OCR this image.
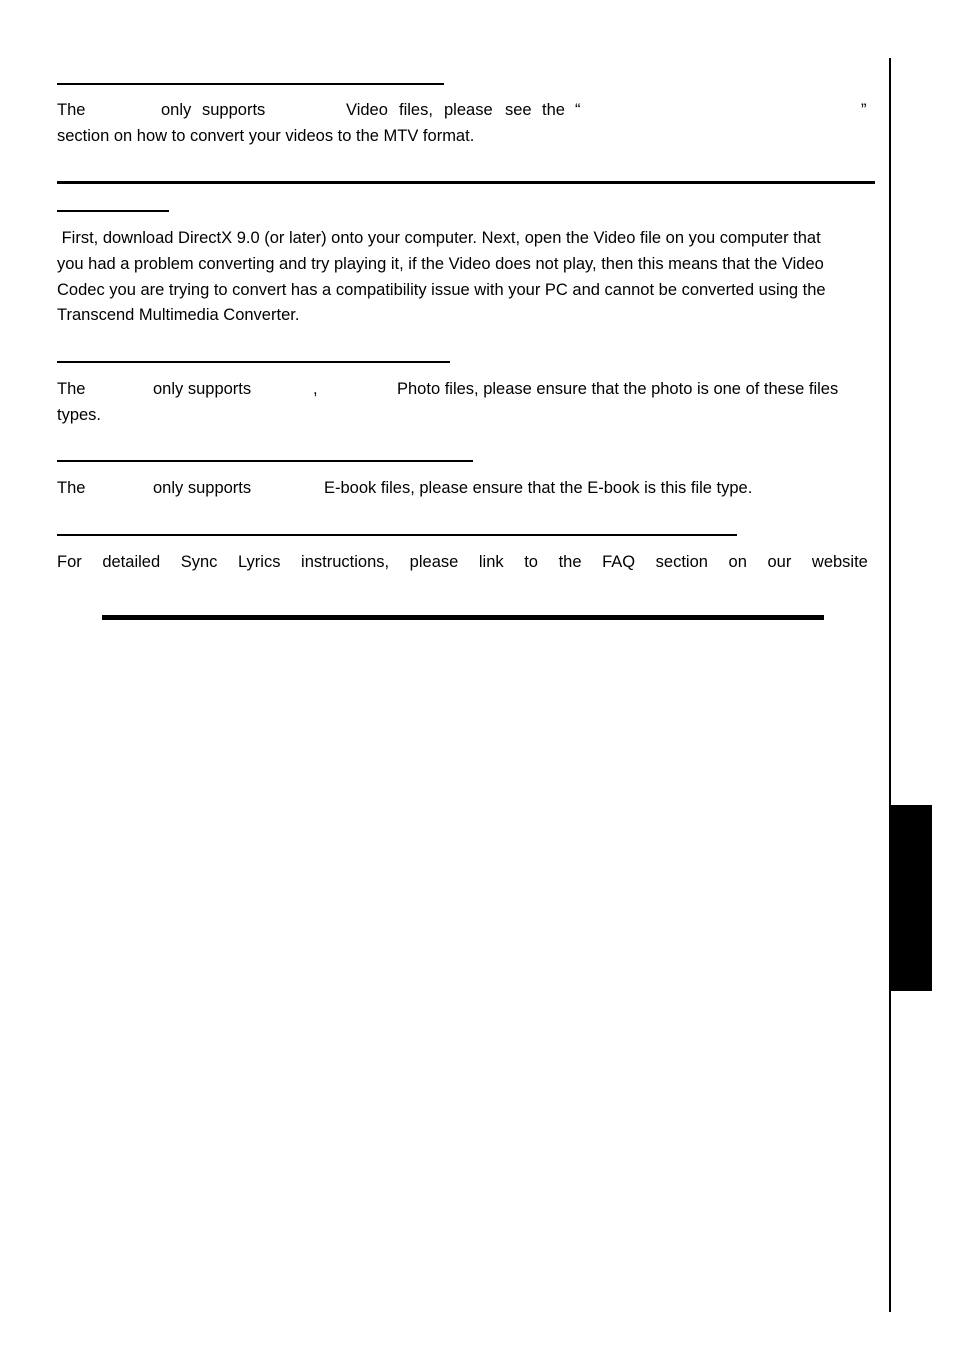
The	only supports	Video files, please see the “	”
section on how to convert your videos to the MTV format.
First, download DirectX 9.0 (or later) onto your computer. Next, open the Video file on you computer that
you had a problem converting and try playing it, if the Video does not play, then this means that the Video
Codec you are trying to convert has a compatibility issue with your PC and cannot be converted using the
Transcend Multimedia Converter.
The	only supports	,	Photo files, please ensure that the photo is one of these files
types.
The	only supports	E-book files, please ensure that the E-book is this file type.
For detailed Sync Lyrics instructions, please link to the FAQ section on our website
